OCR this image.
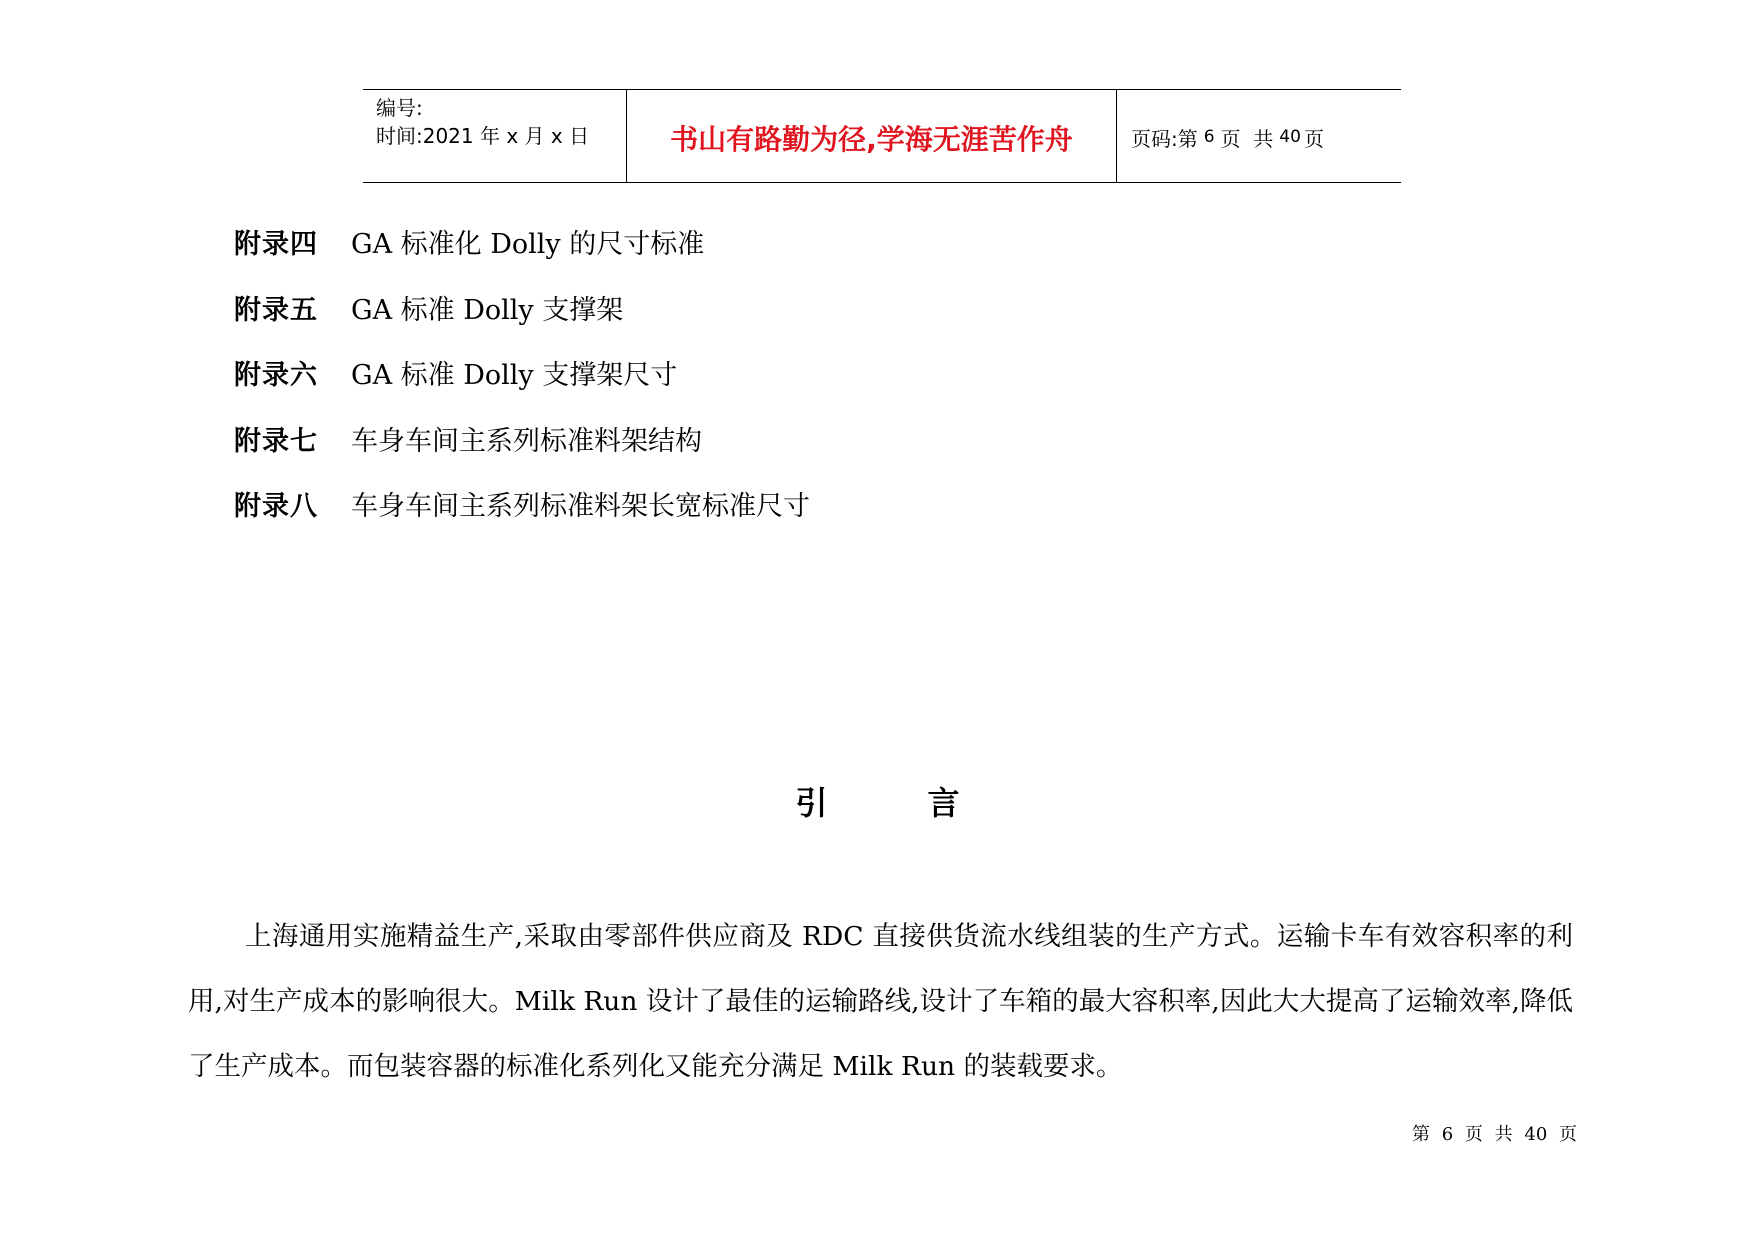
编号:
时间:2021 年 x 月 x 日	书山有路勤为径,学海无涯苦作舟	页码:第 6 页  共 40 页
附录四	GA 标准化 Dolly 的尺寸标准
附录五	GA 标准 Dolly 支撑架
附录六	GA 标准 Dolly 支撑架尺寸
附录七	车身车间主系列标准料架结构
附录八	车身车间主系列标准料架长宽标准尺寸
引言

上海通用实施精益生产,采取由零部件供应商及 RDC 直接供货流水线组装的生产方式。运输卡车有效容积率的利用,对生产成本的影响很大。Milk Run 设计了最佳的运输路线,设计了车箱的最大容积率,因此大大提高了运输效率,降低了生产成本。而包装容器的标准化系列化又能充分满足 Milk Run 的装载要求。

第 6 页 共 40 页
